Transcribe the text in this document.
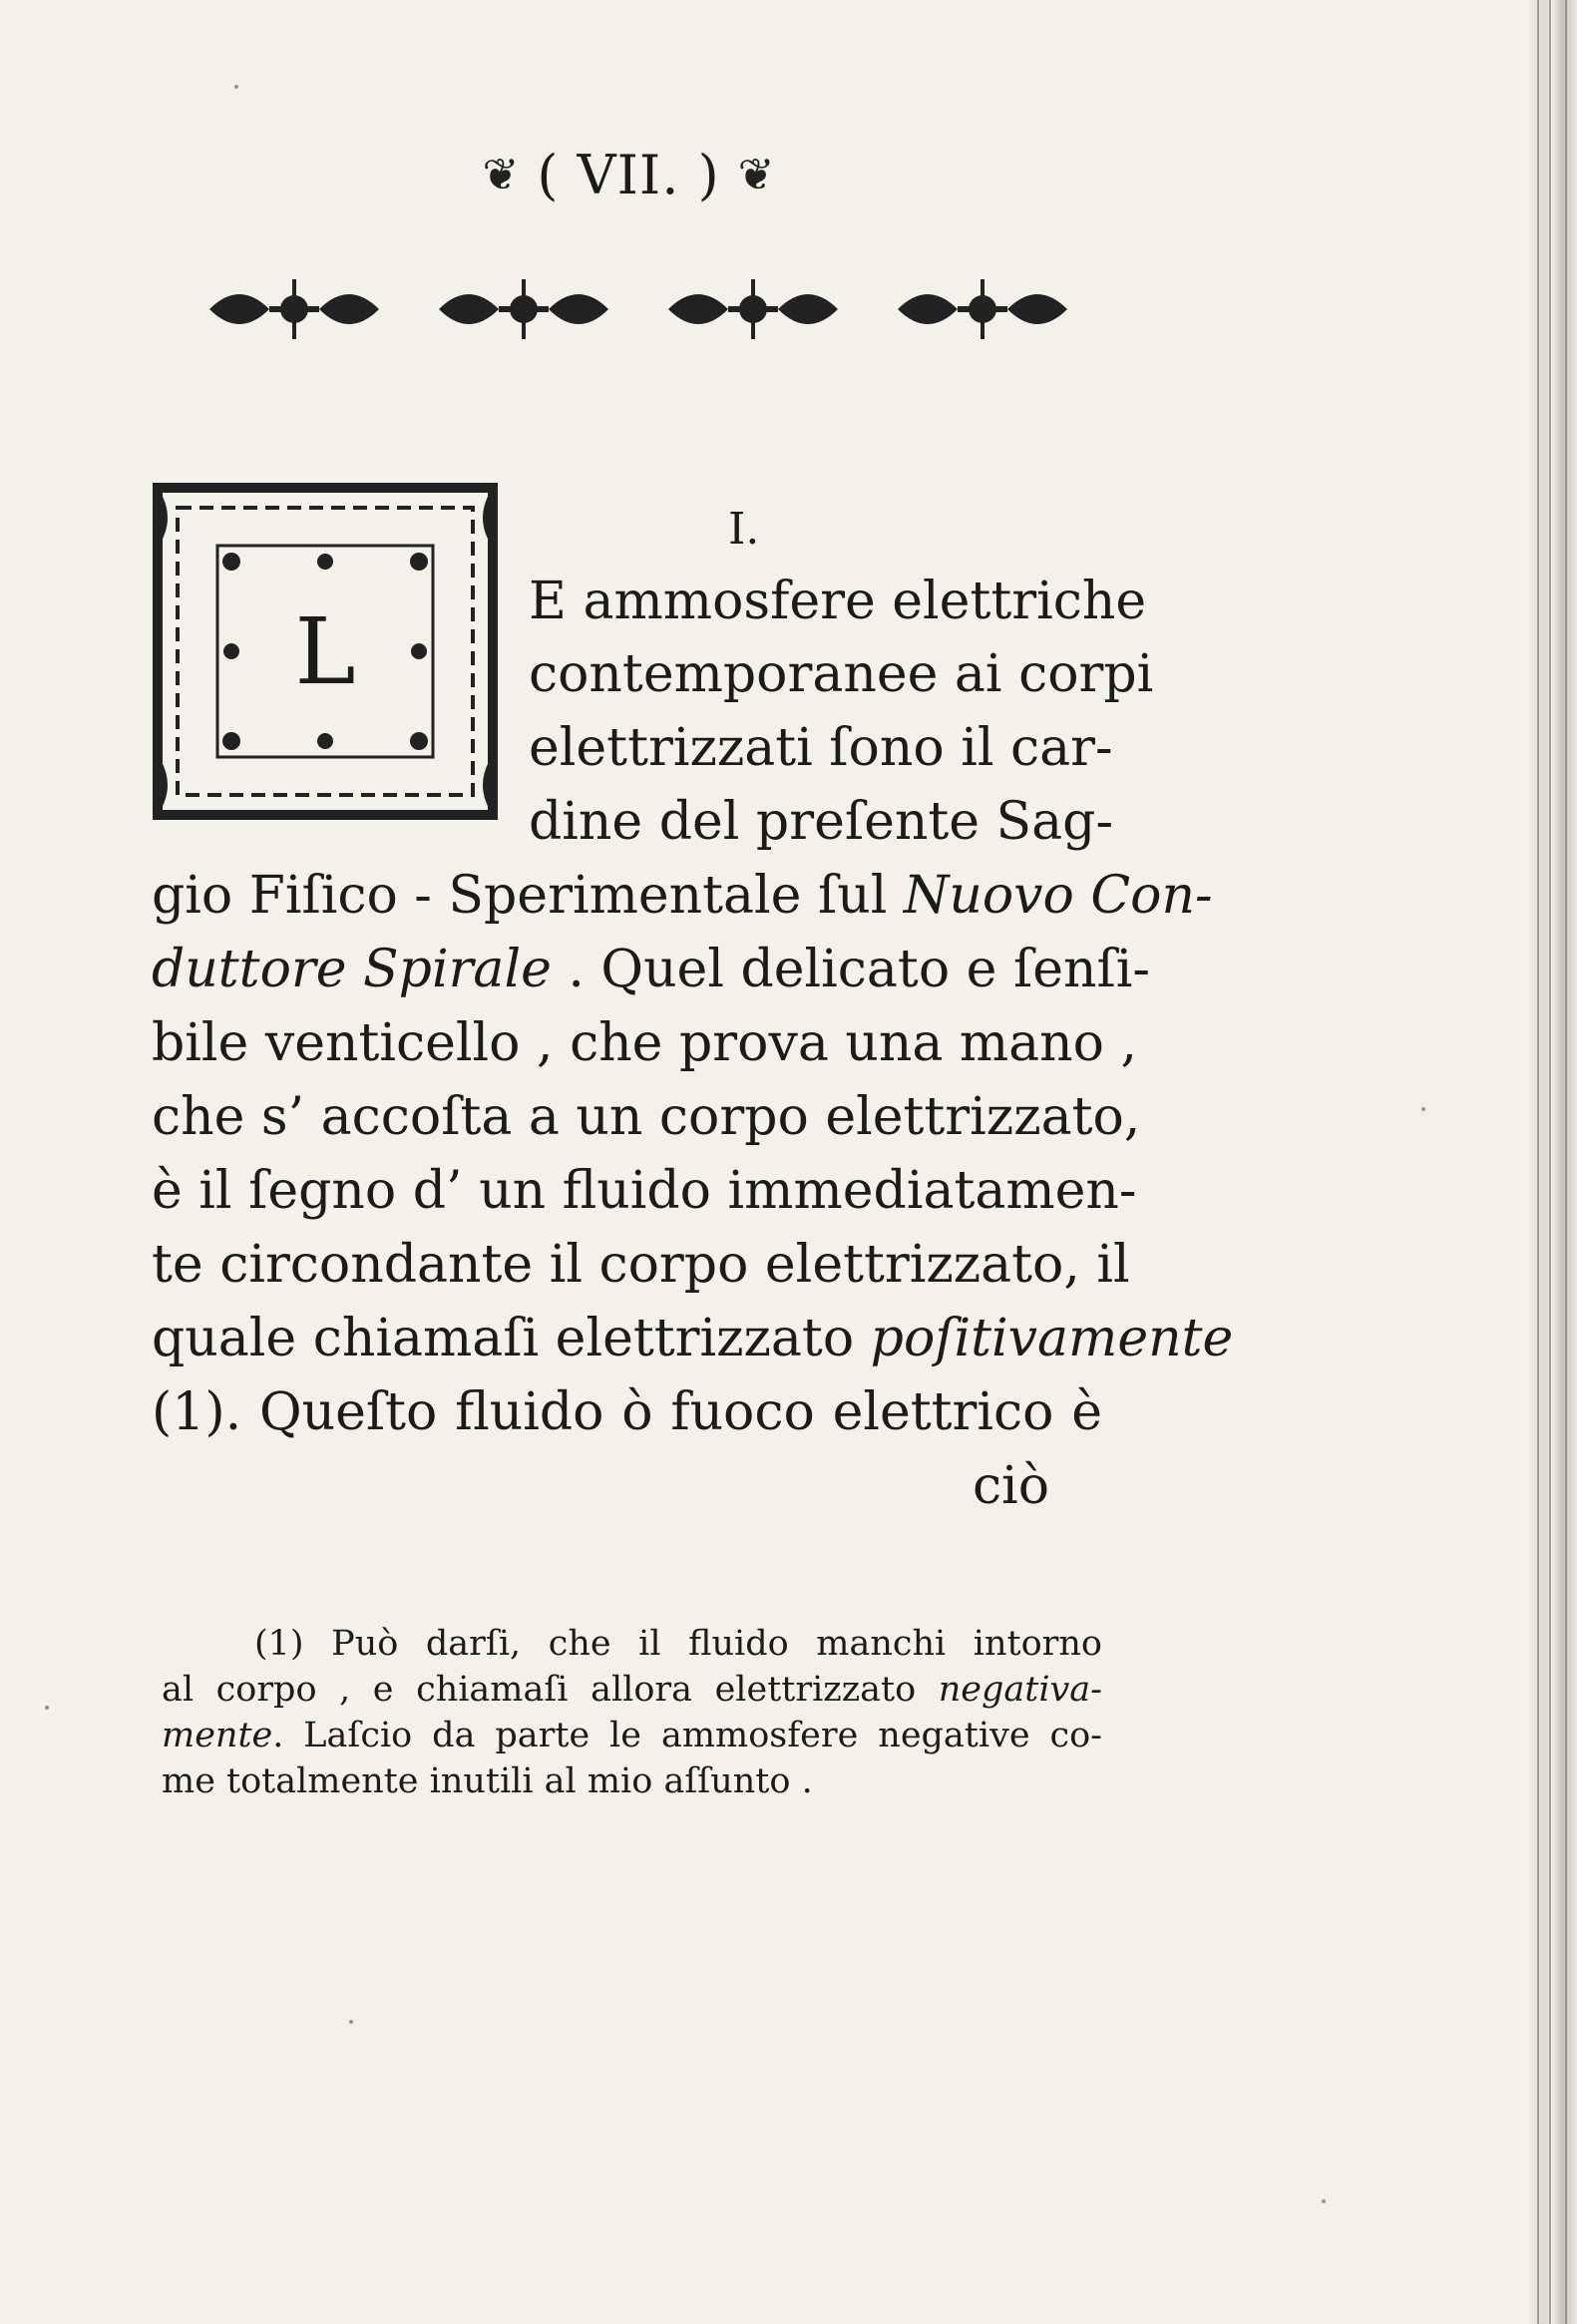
❦ ( VII. ) ❦
L
I.
E ammosfere elettriche
contemporanee ai corpi
elettrizzati ſono il car-
dine del preſente Sag-
gio Fiſico - Sperimentale ſul Nuovo Con-
duttore Spirale . Quel delicato e ſenſi-
bile venticello , che prova una mano ,
che s’ accoſta a un corpo elettrizzato,
è il ſegno d’ un fluido immediatamen-
te circondante il corpo elettrizzato, il
quale chiamaſi elettrizzato poſitivamente
(1). Queſto fluido ò fuoco elettrico è
ciò
(1) Può darſi, che il fluido manchi intorno
al corpo , e chiamaſi allora elettrizzato negativa-
mente. Laſcio da parte le ammosfere negative co-
me totalmente inutili al mio aſſunto .
